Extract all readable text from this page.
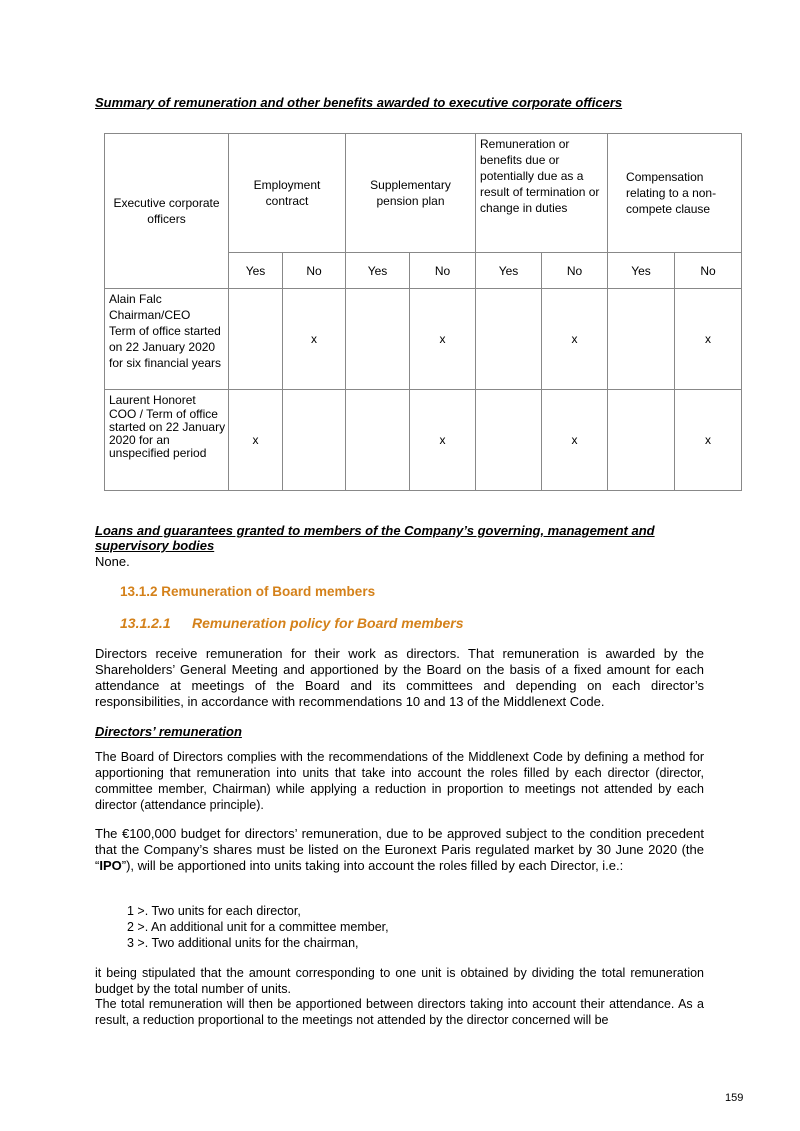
Summary of remuneration and other benefits awarded to executive corporate officers
Executive corporate officers	Employment contract		Supplementary pension plan		Remuneration or benefits due or potentially due as a result of termination or change in duties		Compensation relating to a non-compete clause	

	Yes	No	Yes	No	Yes	No	Yes	No

Alain Falc
Chairman/CEO
Term of office started
on 22 January 2020
for six financial years		x		x		x		x

Laurent Honoret
COO / Term of office
started on 22 January
2020 for an
unspecified period	x			x		x		x
Loans and guarantees granted to members of the Company’s governing, management and supervisory bodies
None.
13.1.2 Remuneration of Board members
13.1.2.1 Remuneration policy for Board members
Directors receive remuneration for their work as directors. That remuneration is awarded by the Shareholders’ General Meeting and apportioned by the Board on the basis of a fixed amount for each attendance at meetings of the Board and its committees and depending on each director’s responsibilities, in accordance with recommendations 10 and 13 of the Middlenext Code.
Directors’ remuneration
The Board of Directors complies with the recommendations of the Middlenext Code by defining a method for apportioning that remuneration into units that take into account the roles filled by each director (director, committee member, Chairman) while applying a reduction in proportion to meetings not attended by each director (attendance principle).
The €100,000 budget for directors’ remuneration, due to be approved subject to the condition precedent that the Company’s shares must be listed on the Euronext Paris regulated market by 30 June 2020 (the “IPO”), will be apportioned into units taking into account the roles filled by each Director, i.e.:
1 >. Two units for each director,
2 >. An additional unit for a committee member,
3 >. Two additional units for the chairman,
it being stipulated that the amount corresponding to one unit is obtained by dividing the total remuneration budget by the total number of units.
The total remuneration will then be apportioned between directors taking into account their attendance. As a result, a reduction proportional to the meetings not attended by the director concerned will be
159
